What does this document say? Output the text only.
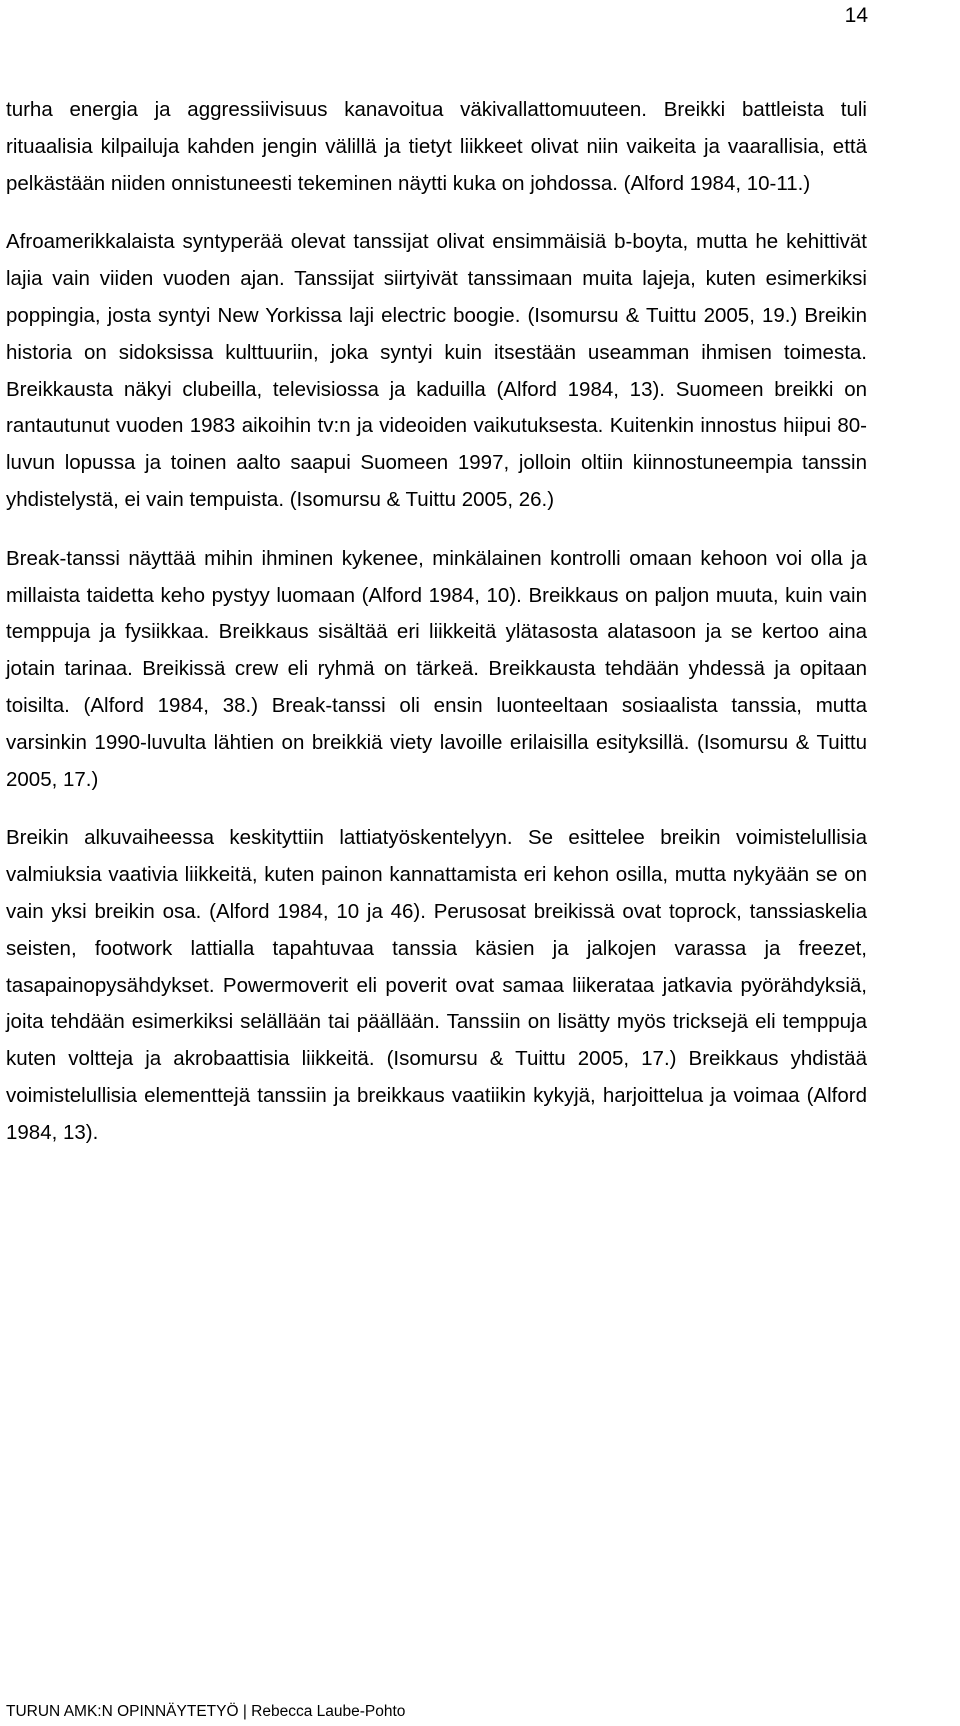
14

turha energia ja aggressiivisuus kanavoitua väkivallattomuuteen. Breikki battleista tuli rituaalisia kilpailuja kahden jengin välillä ja tietyt liikkeet olivat niin vaikeita ja vaarallisia, että pelkästään niiden onnistuneesti tekeminen näytti kuka on johdossa. (Alford 1984, 10-11.)

Afroamerikkalaista syntyperää olevat tanssijat olivat ensimmäisiä b-boyta, mutta he kehittivät lajia vain viiden vuoden ajan. Tanssijat siirtyivät tanssimaan muita lajeja, kuten esimerkiksi poppingia, josta syntyi New Yorkissa laji electric boogie. (Isomursu & Tuittu 2005, 19.) Breikin historia on sidoksissa kulttuuriin, joka syntyi kuin itsestään useamman ihmisen toimesta. Breikkausta näkyi clubeilla, televisiossa ja kaduilla (Alford 1984, 13). Suomeen breikki on rantautunut vuoden 1983 aikoihin tv:n ja videoiden vaikutuksesta. Kuitenkin innostus hiipui 80-luvun lopussa ja toinen aalto saapui Suomeen 1997, jolloin oltiin kiinnostuneempia tanssin yhdistelystä, ei vain tempuista. (Isomursu & Tuittu 2005, 26.)

Break-tanssi näyttää mihin ihminen kykenee, minkälainen kontrolli omaan kehoon voi olla ja millaista taidetta keho pystyy luomaan (Alford 1984, 10). Breikkaus on paljon muuta, kuin vain temppuja ja fysiikkaa. Breikkaus sisältää eri liikkeitä ylätasosta alatasoon ja se kertoo aina jotain tarinaa. Breikissä crew eli ryhmä on tärkeä. Breikkausta tehdään yhdessä ja opitaan toisilta. (Alford 1984, 38.) Break-tanssi oli ensin luonteeltaan sosiaalista tanssia, mutta varsinkin 1990-luvulta lähtien on breikkiä viety lavoille erilaisilla esityksillä. (Isomursu & Tuittu 2005, 17.)

Breikin alkuvaiheessa keskityttiin lattiatyöskentelyyn. Se esittelee breikin voimistelullisia valmiuksia vaativia liikkeitä, kuten painon kannattamista eri kehon osilla, mutta nykyään se on vain yksi breikin osa. (Alford 1984, 10 ja 46). Perusosat breikissä ovat toprock, tanssiaskelia seisten, footwork lattialla tapahtuvaa tanssia käsien ja jalkojen varassa ja freezet, tasapainopysähdykset. Powermoverit eli poverit ovat samaa liikerataa jatkavia pyörähdyksiä, joita tehdään esimerkiksi selällään tai päällään. Tanssiin on lisätty myös tricksejä eli temppuja kuten voltteja ja akrobaattisia liikkeitä. (Isomursu & Tuittu 2005, 17.) Breikkaus yhdistää voimistelullisia elementtejä tanssiin ja breikkaus vaatiikin kykyjä, harjoittelua ja voimaa (Alford 1984, 13).

TURUN AMK:N OPINNÄYTETYÖ | Rebecca Laube-Pohto
